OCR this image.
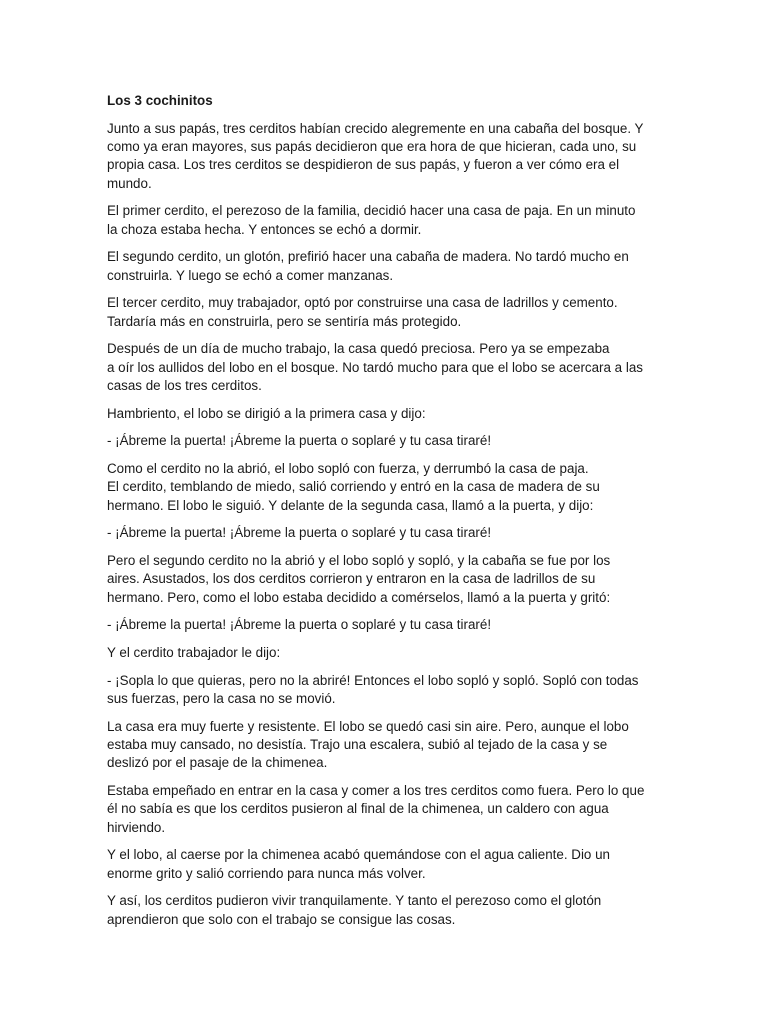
Los 3 cochinitos
Junto a sus papás, tres cerditos habían crecido alegremente en una cabaña del bosque. Y
como ya eran mayores, sus papás decidieron que era hora de que hicieran, cada uno, su
propia casa. Los tres cerditos se despidieron de sus papás, y fueron a ver cómo era el
mundo.
El primer cerdito, el perezoso de la familia, decidió hacer una casa de paja. En un minuto
la choza estaba hecha. Y entonces se echó a dormir.
El segundo cerdito, un glotón, prefirió hacer una cabaña de madera. No tardó mucho en
construirla. Y luego se echó a comer manzanas.
El tercer cerdito, muy trabajador, optó por construirse una casa de ladrillos y cemento.
Tardaría más en construirla, pero se sentiría más protegido.
Después de un día de mucho trabajo, la casa quedó preciosa. Pero ya se empezaba
a oír los aullidos del lobo en el bosque. No tardó mucho para que el lobo se acercara a las
casas de los tres cerditos.
Hambriento, el lobo se dirigió a la primera casa y dijo:
- ¡Ábreme la puerta! ¡Ábreme la puerta o soplaré y tu casa tiraré!
Como el cerdito no la abrió, el lobo sopló con fuerza, y derrumbó la casa de paja.
El cerdito, temblando de miedo, salió corriendo y entró en la casa de madera de su
hermano. El lobo le siguió. Y delante de la segunda casa, llamó a la puerta, y dijo:
- ¡Ábreme la puerta! ¡Ábreme la puerta o soplaré y tu casa tiraré!
Pero el segundo cerdito no la abrió y el lobo sopló y sopló, y la cabaña se fue por los
aires. Asustados, los dos cerditos corrieron y entraron en la casa de ladrillos de su
hermano. Pero, como el lobo estaba decidido a comérselos, llamó a la puerta y gritó:
- ¡Ábreme la puerta! ¡Ábreme la puerta o soplaré y tu casa tiraré!
Y el cerdito trabajador le dijo:
- ¡Sopla lo que quieras, pero no la abriré! Entonces el lobo sopló y sopló. Sopló con todas
sus fuerzas, pero la casa no se movió.
La casa era muy fuerte y resistente. El lobo se quedó casi sin aire. Pero, aunque el lobo
estaba muy cansado, no desistía. Trajo una escalera, subió al tejado de la casa y se
deslizó por el pasaje de la chimenea.
Estaba empeñado en entrar en la casa y comer a los tres cerditos como fuera. Pero lo que
él no sabía es que los cerditos pusieron al final de la chimenea, un caldero con agua
hirviendo.
Y el lobo, al caerse por la chimenea acabó quemándose con el agua caliente. Dio un
enorme grito y salió corriendo para nunca más volver.
Y así, los cerditos pudieron vivir tranquilamente. Y tanto el perezoso como el glotón
aprendieron que solo con el trabajo se consigue las cosas.
